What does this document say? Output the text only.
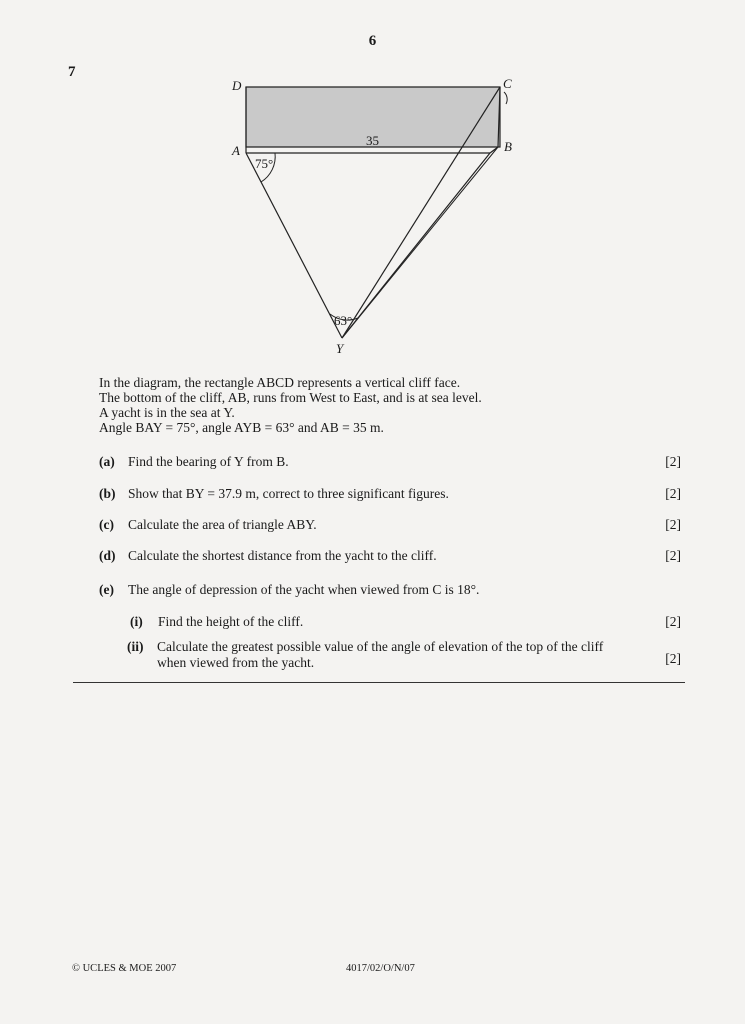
6
7
D	C
A	B
Y
35
75°
63°
In the diagram, the rectangle ABCD represents a vertical cliff face.
The bottom of the cliff, AB, runs from West to East, and is at sea level.
A yacht is in the sea at Y.
Angle BAY = 75°, angle AYB = 63° and AB = 35 m.
(a) Find the bearing of Y from B.	[2]
(b) Show that BY = 37.9 m, correct to three significant figures.	[2]
(c) Calculate the area of triangle ABY.	[2]
(d) Calculate the shortest distance from the yacht to the cliff.	[2]
(e) The angle of depression of the yacht when viewed from C is 18°.
(i) Find the height of the cliff.	[2]
(ii) Calculate the greatest possible value of the angle of elevation of the top of the cliff
when viewed from the yacht.	[2]
© UCLES & MOE 2007	4017/02/O/N/07
